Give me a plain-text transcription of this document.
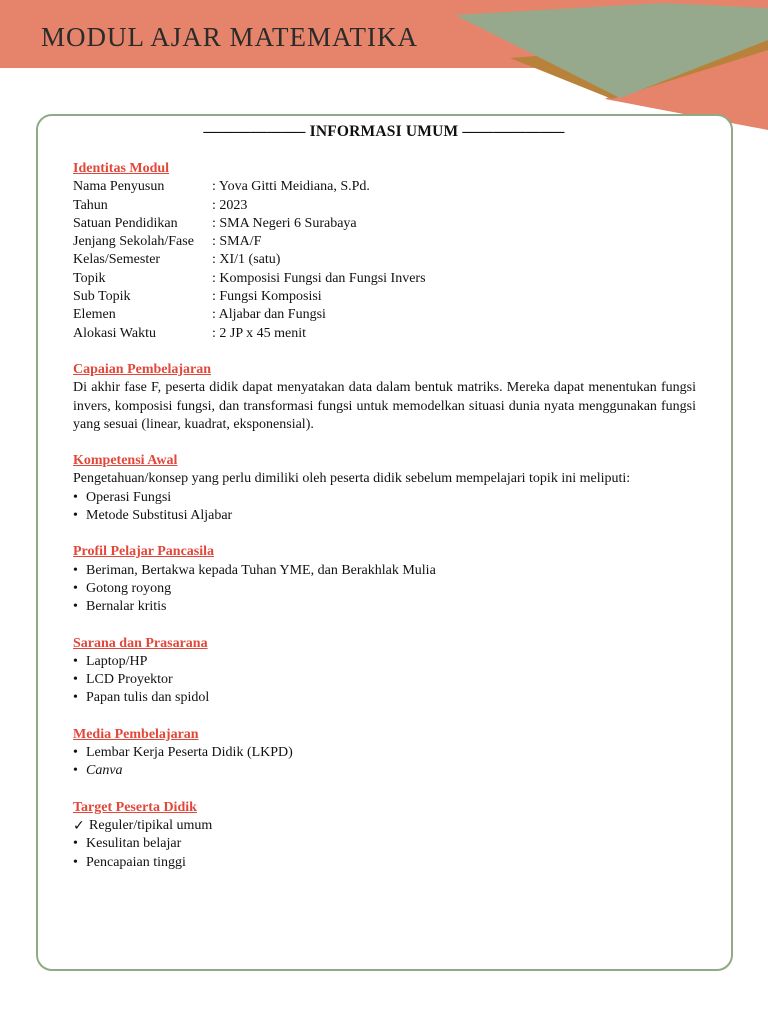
MODUL AJAR MATEMATIKA
——————– INFORMASI UMUM ——————–
Identitas Modul
Nama Penyusun	: Yova Gitti Meidiana, S.Pd.
Tahun	: 2023
Satuan Pendidikan	: SMA Negeri 6 Surabaya
Jenjang Sekolah/Fase	: SMA/F
Kelas/Semester	: XI/1 (satu)
Topik	: Komposisi Fungsi dan Fungsi Invers
Sub Topik	: Fungsi Komposisi
Elemen	: Aljabar dan Fungsi
Alokasi Waktu	: 2 JP x 45 menit
Capaian Pembelajaran
Di akhir fase F, peserta didik dapat menyatakan data dalam bentuk matriks. Mereka dapat menentukan fungsi invers, komposisi fungsi, dan transformasi fungsi untuk memodelkan situasi dunia nyata menggunakan fungsi yang sesuai (linear, kuadrat, eksponensial).
Kompetensi Awal
Pengetahuan/konsep yang perlu dimiliki oleh peserta didik sebelum mempelajari topik ini meliputi:
• Operasi Fungsi
• Metode Substitusi Aljabar
Profil Pelajar Pancasila
• Beriman, Bertakwa kepada Tuhan YME, dan Berakhlak Mulia
• Gotong royong
• Bernalar kritis
Sarana dan Prasarana
• Laptop/HP
• LCD Proyektor
• Papan tulis dan spidol
Media Pembelajaran
• Lembar Kerja Peserta Didik (LKPD)
• Canva
Target Peserta Didik
✓ Reguler/tipikal umum
• Kesulitan belajar
• Pencapaian tinggi
